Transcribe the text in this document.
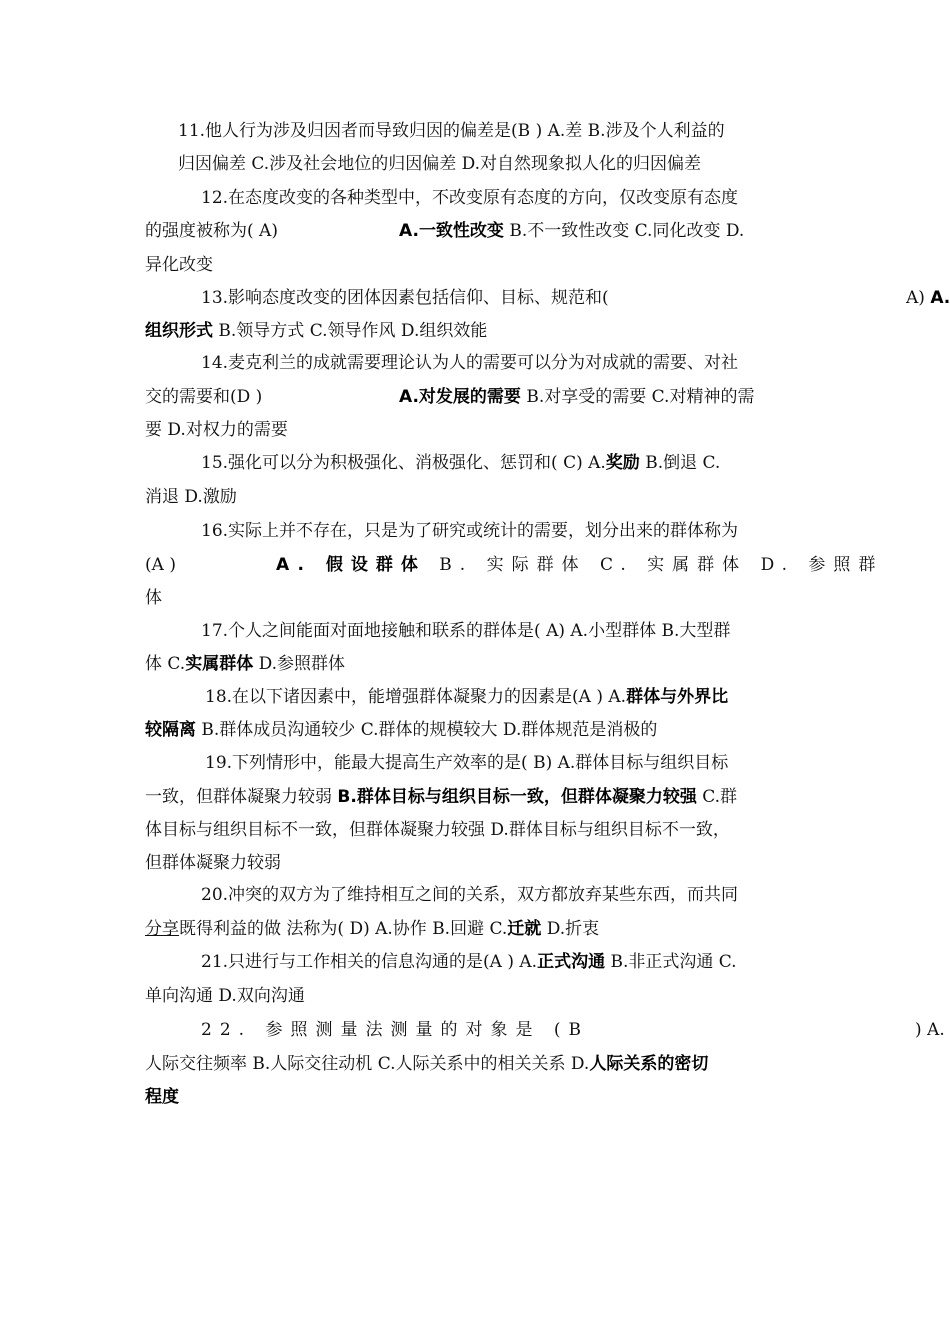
11.他人行为涉及归因者而导致归因的偏差是(B ) A.差 B.涉及个人利益的
归因偏差 C.涉及社会地位的归因偏差 D.对自然现象拟人化的归因偏差
12.在态度改变的各种类型中，不改变原有态度的方向，仅改变原有态度
的强度被称为( A)	A.一致性改变 B.不一致性改变 C.同化改变 D.
异化改变
13.影响态度改变的团体因素包括信仰、目标、规范和(	A) A.
组织形式 B.领导方式 C.领导作风 D.组织效能
14.麦克利兰的成就需要理论认为人的需要可以分为对成就的需要、对社
交的需要和(D )	A.对发展的需要 B.对享受的需要 C.对精神的需
要 D.对权力的需要
15.强化可以分为积极强化、消极强化、惩罚和( C) A.奖励 B.倒退 C.
消退 D.激励
16.实际上并不存在，只是为了研究或统计的需要，划分出来的群体称为
(A )	A. 假设群体 B. 实际群体 C. 实属群体 D. 参照群
体
17.个人之间能面对面地接触和联系的群体是( A) A.小型群体 B.大型群
体 C.实属群体 D.参照群体
18.在以下诸因素中，能增强群体凝聚力的因素是(A ) A.群体与外界比
较隔离 B.群体成员沟通较少 C.群体的规模较大 D.群体规范是消极的
19.下列情形中，能最大提高生产效率的是( B) A.群体目标与组织目标
一致，但群体凝聚力较弱 B.群体目标与组织目标一致，但群体凝聚力较强 C.群
体目标与组织目标不一致，但群体凝聚力较强 D.群体目标与组织目标不一致，
但群体凝聚力较弱
20.冲突的双方为了维持相互之间的关系，双方都放弃某些东西，而共同
分享既得利益的做 法称为( D) A.协作 B.回避 C.迁就 D.折衷
21.只进行与工作相关的信息沟通的是(A ) A.正式沟通 B.非正式沟通 C.
单向沟通 D.双向沟通
22. 参照测量法测量的对象是 (B	) A.
人际交往频率 B.人际交往动机 C.人际关系中的相关关系 D.人际关系的密切
程度
